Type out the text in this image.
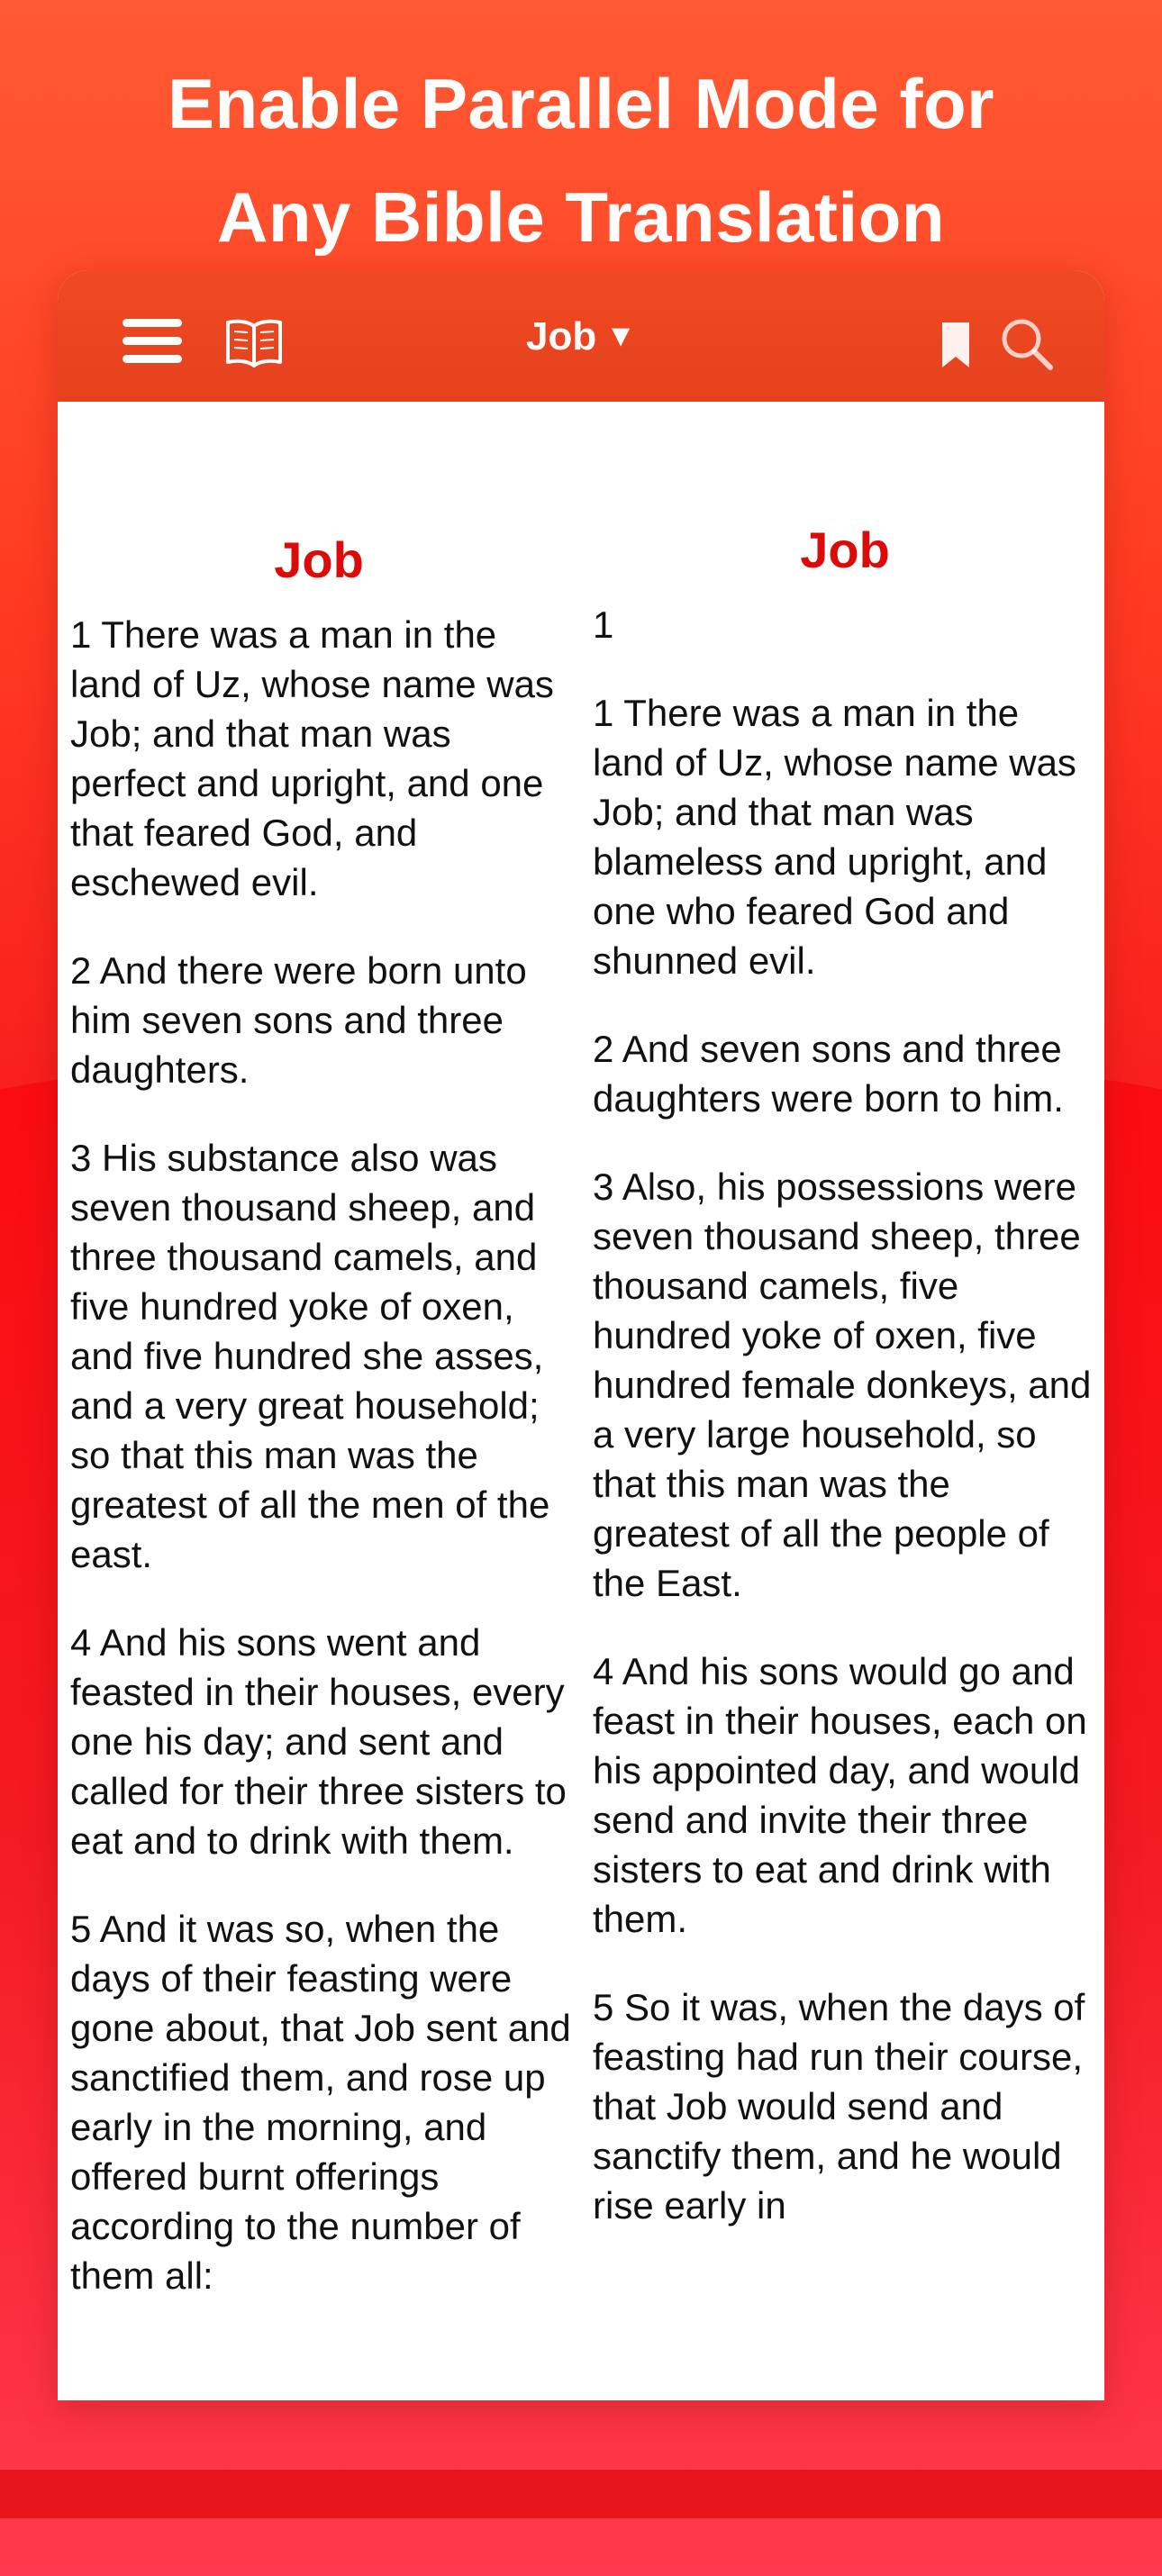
Enable Parallel Mode for
Any Bible Translation
Job ▼
Job

1 There was a man in the land of Uz, whose name was Job; and that man was perfect and upright, and one that feared God, and eschewed evil.

2 And there were born unto him seven sons and three daughters.

3 His substance also was seven thousand sheep, and three thousand camels, and five hundred yoke of oxen, and five hundred she asses, and a very great household; so that this man was the greatest of all the men of the east.

4 And his sons went and feasted in their houses, every one his day; and sent and called for their three sisters to eat and to drink with them.

5 And it was so, when the days of their feasting were gone about, that Job sent and sanctified them, and rose up early in the morning, and offered burnt offerings according to the number of them all:

Job

1

1 There was a man in the land of Uz, whose name was Job; and that man was blameless and upright, and one who feared God and shunned evil.

2 And seven sons and three daughters were born to him.

3 Also, his possessions were seven thousand sheep, three thousand camels, five hundred yoke of oxen, five hundred female donkeys, and a very large household, so that this man was the greatest of all the people of the East.

4 And his sons would go and feast in their houses, each on his appointed day, and would send and invite their three sisters to eat and drink with them.

5 So it was, when the days of feasting had run their course, that Job would send and sanctify them, and he would rise early in
